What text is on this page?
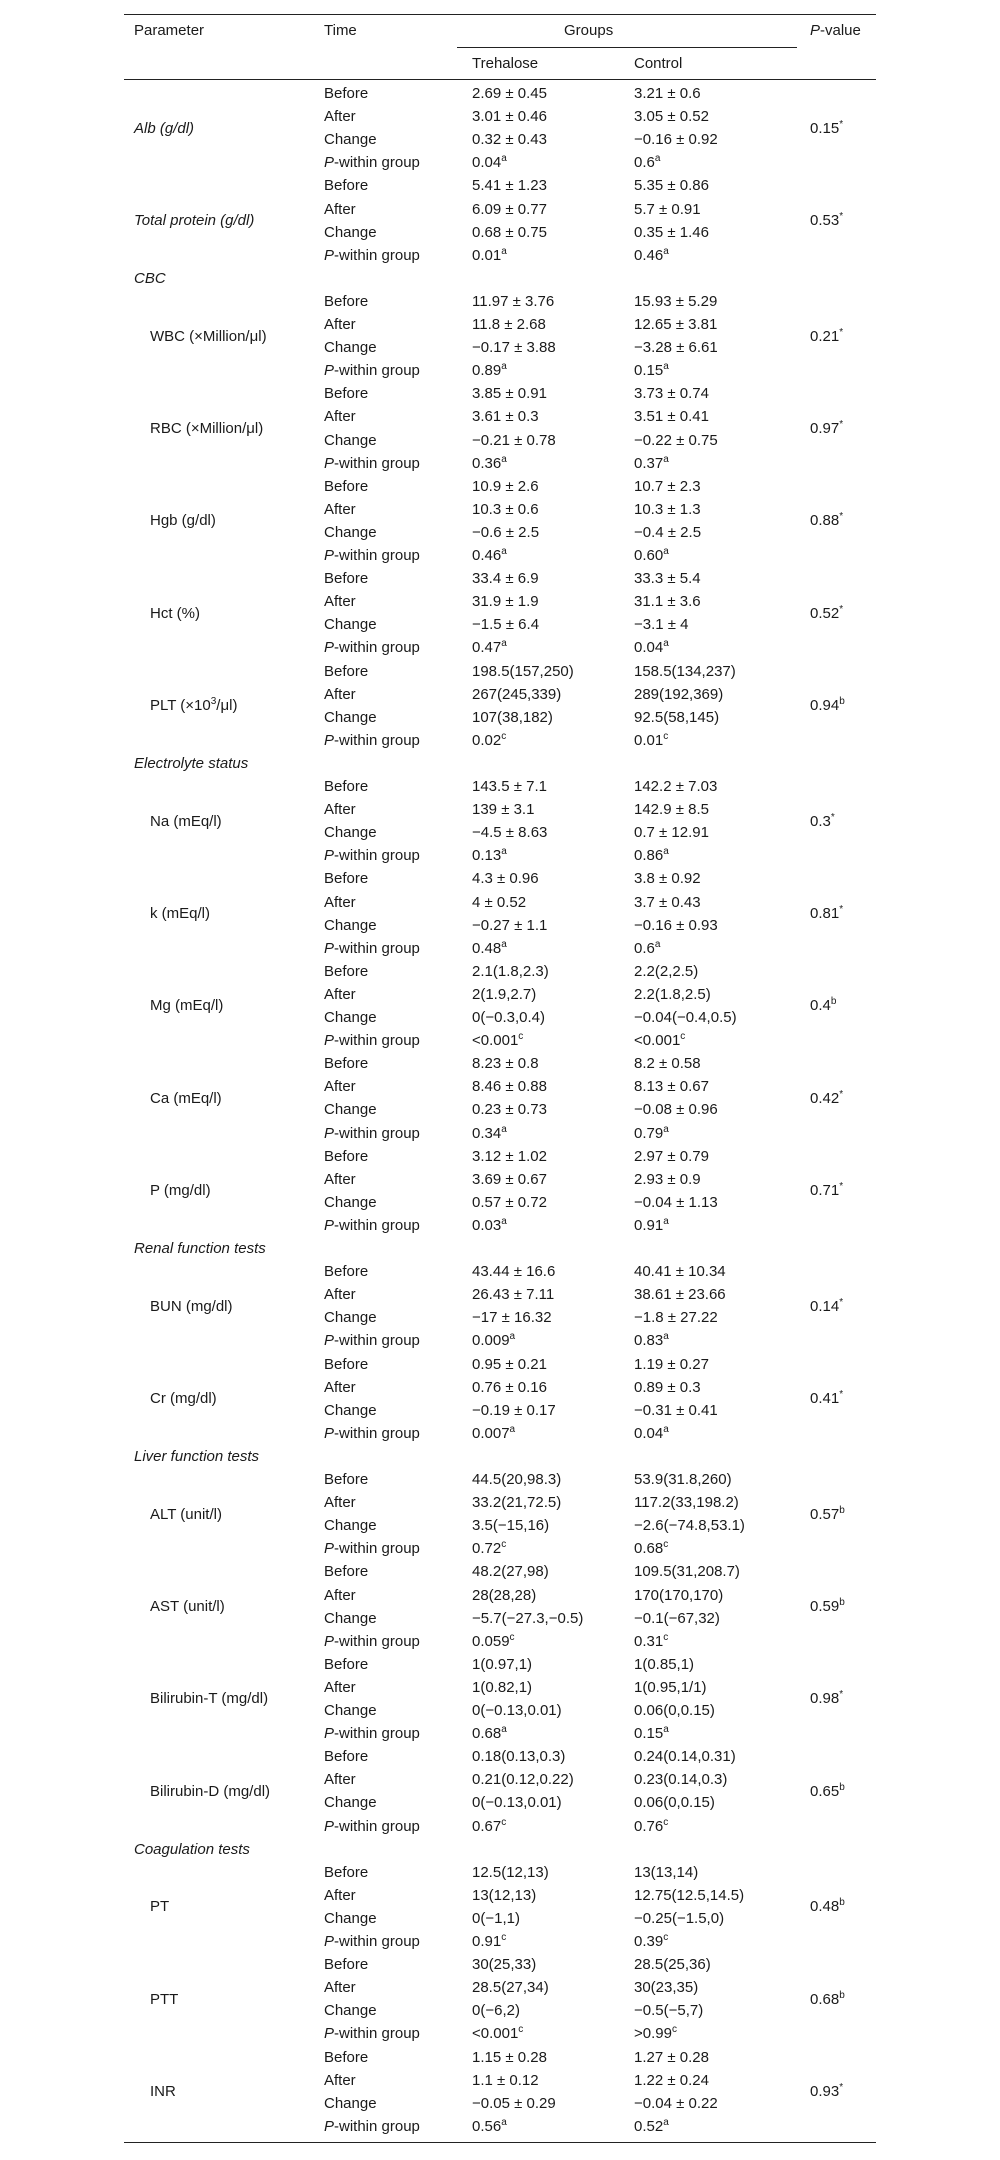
Parameter	Time	Groups	P-value
Trehalose	Control
Alb (g/dl)	0.15*
Before	2.69 ± 0.45	3.21 ± 0.6
After	3.01 ± 0.46	3.05 ± 0.52
Change	0.32 ± 0.43	−0.16 ± 0.92
P-within group	0.04$^a$	0.6$^a$
Total protein (g/dl)	0.53*
Before	5.41 ± 1.23	5.35 ± 0.86
After	6.09 ± 0.77	5.7 ± 0.91
Change	0.68 ± 0.75	0.35 ± 1.46
P-within group	0.01$^a$	0.46$^a$
CBC
WBC (×Million/μl)	0.21*
Before	11.97 ± 3.76	15.93 ± 5.29
After	11.8 ± 2.68	12.65 ± 3.81
Change	−0.17 ± 3.88	−3.28 ± 6.61
P-within group	0.89$^a$	0.15$^a$
RBC (×Million/μl)	0.97*
Before	3.85 ± 0.91	3.73 ± 0.74
After	3.61 ± 0.3	3.51 ± 0.41
Change	−0.21 ± 0.78	−0.22 ± 0.75
P-within group	0.36$^a$	0.37$^a$
Hgb (g/dl)	0.88*
Before	10.9 ± 2.6	10.7 ± 2.3
After	10.3 ± 0.6	10.3 ± 1.3
Change	−0.6 ± 2.5	−0.4 ± 2.5
P-within group	0.46$^a$	0.60$^a$
Hct (%)	0.52*
Before	33.4 ± 6.9	33.3 ± 5.4
After	31.9 ± 1.9	31.1 ± 3.6
Change	−1.5 ± 6.4	−3.1 ± 4
P-within group	0.47$^a$	0.04$^a$
PLT $(\times 10^3/\mu l)$	0.94$^b$
Before	198.5(157,250)	158.5(134,237)
After	267(245,339)	289(192,369)
Change	107(38,182)	92.5(58,145)
P-within group	0.02$^c$	0.01$^c$
Electrolyte status
Na (mEq/l)	0.3*
Before	143.5 ± 7.1	142.2 ± 7.03
After	139 ± 3.1	142.9 ± 8.5
Change	−4.5 ± 8.63	0.7 ± 12.91
P-within group	0.13$^a$	0.86$^a$
k (mEq/l)	0.81*
Before	4.3 ± 0.96	3.8 ± 0.92
After	4 ± 0.52	3.7 ± 0.43
Change	−0.27 ± 1.1	−0.16 ± 0.93
P-within group	0.48$^a$	0.6$^a$
Mg (mEq/l)	0.4$^b$
Before	2.1(1.8,2.3)	2.2(2,2.5)
After	2(1.9,2.7)	2.2(1.8,2.5)
Change	0(−0.3,0.4)	−0.04(−0.4,0.5)
P-within group	˂0.001$^c$	˂0.001$^c$
Ca (mEq/l)	0.42*
Before	8.23 ± 0.8	8.2 ± 0.58
After	8.46 ± 0.88	8.13 ± 0.67
Change	0.23 ± 0.73	−0.08 ± 0.96
P-within group	0.34$^a$	0.79$^a$
P (mg/dl)	0.71*
Before	3.12 ± 1.02	2.97 ± 0.79
After	3.69 ± 0.67	2.93 ± 0.9
Change	0.57 ± 0.72	−0.04 ± 1.13
P-within group	0.03$^a$	0.91$^a$
Renal function tests
BUN (mg/dl)	0.14*
Before	43.44 ± 16.6	40.41 ± 10.34
After	26.43 ± 7.11	38.61 ± 23.66
Change	−17 ± 16.32	−1.8 ± 27.22
P-within group	0.009$^a$	0.83$^a$
Cr (mg/dl)	0.41*
Before	0.95 ± 0.21	1.19 ± 0.27
After	0.76 ± 0.16	0.89 ± 0.3
Change	−0.19 ± 0.17	−0.31 ± 0.41
P-within group	0.007$^a$	0.04$^a$
Liver function tests
ALT (unit/l)	0.57$^b$
Before	44.5(20,98.3)	53.9(31.8,260)
After	33.2(21,72.5)	117.2(33,198.2)
Change	3.5(−15,16)	−2.6(−74.8,53.1)
P-within group	0.72$^c$	0.68$^c$
AST (unit/l)	0.59$^b$
Before	48.2(27,98)	109.5(31,208.7)
After	28(28,28)	170(170,170)
Change	−5.7(−27.3,−0.5)	−0.1(−67,32)
P-within group	0.059$^c$	0.31$^c$
Bilirubin-T (mg/dl)	0.98*
Before	1(0.97,1)	1(0.85,1)
After	1(0.82,1)	1(0.95,1/1)
Change	0(−0.13,0.01)	0.06(0,0.15)
P-within group	0.68$^a$	0.15$^a$
Bilirubin-D (mg/dl)	0.65$^b$
Before	0.18(0.13,0.3)	0.24(0.14,0.31)
After	0.21(0.12,0.22)	0.23(0.14,0.3)
Change	0(−0.13,0.01)	0.06(0,0.15)
P-within group	0.67$^c$	0.76$^c$
Coagulation tests
PT	0.48$^b$
Before	12.5(12,13)	13(13,14)
After	13(12,13)	12.75(12.5,14.5)
Change	0(−1,1)	−0.25(−1.5,0)
P-within group	0.91$^c$	0.39$^c$
PTT	0.68$^b$
Before	30(25,33)	28.5(25,36)
After	28.5(27,34)	30(23,35)
Change	0(−6,2)	−0.5(−5,7)
P-within group	˂0.001$^c$	˃0.99$^c$
INR	0.93*
Before	1.15 ± 0.28	1.27 ± 0.28
After	1.1 ± 0.12	1.22 ± 0.24
Change	−0.05 ± 0.29	−0.04 ± 0.22
P-within group	0.56$^a$	0.52$^a$
